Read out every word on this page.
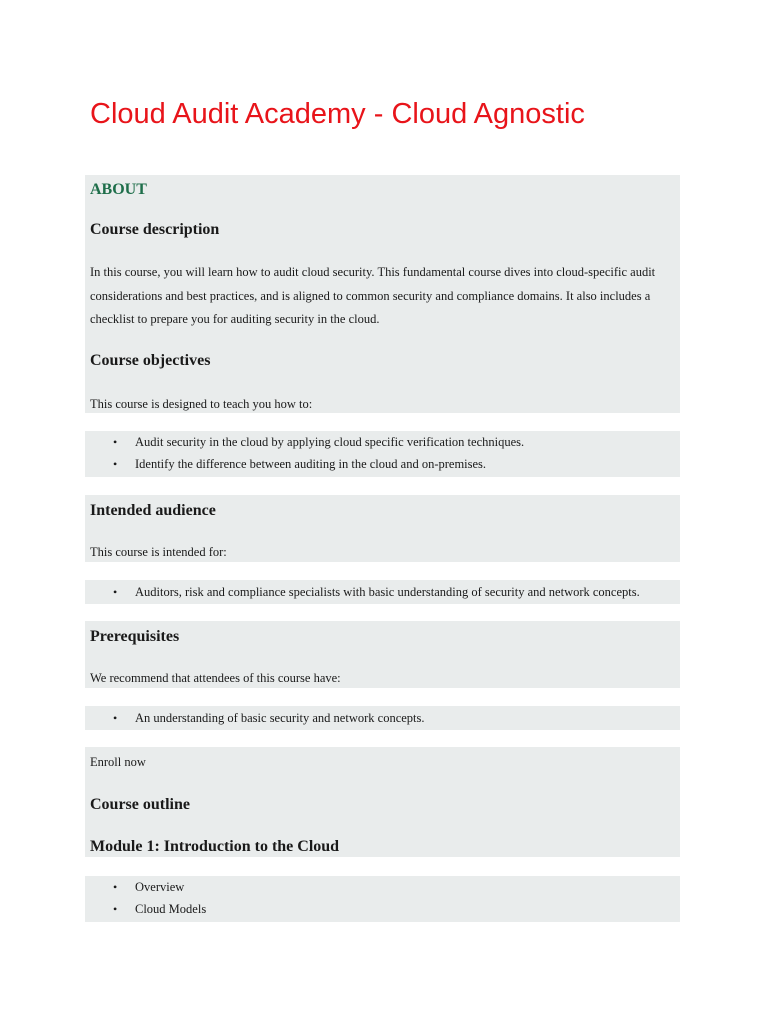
Cloud Audit Academy - Cloud Agnostic
ABOUT
Course description
In this course, you will learn how to audit cloud security. This fundamental course dives into cloud-specific audit considerations and best practices, and is aligned to common security and compliance domains. It also includes a checklist to prepare you for auditing security in the cloud.
Course objectives
This course is designed to teach you how to:
• Audit security in the cloud by applying cloud specific verification techniques.
• Identify the difference between auditing in the cloud and on-premises.
Intended audience
This course is intended for:
• Auditors, risk and compliance specialists with basic understanding of security and network concepts.
Prerequisites
We recommend that attendees of this course have:
• An understanding of basic security and network concepts.
Enroll now
Course outline
Module 1: Introduction to the Cloud
• Overview
• Cloud Models
